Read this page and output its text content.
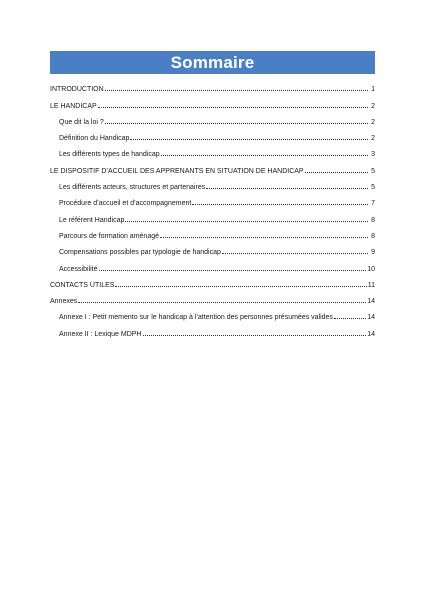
Sommaire
INTRODUCTION	1
LE HANDICAP	2
Que dit la loi ?	2
Définition du Handicap	2
Les différents types de handicap	3
LE DISPOSITIF D’ACCUEIL DES APPRENANTS EN SITUATION DE HANDICAP	5
Les différents acteurs, structures et partenaires	5
Procédure d’accueil et d’accompagnement	7
Le référent Handicap	8
Parcours de formation aménagé	8
Compensations possibles par typologie de handicap	9
Accessibilité	10
CONTACTS UTILES	11
Annexes	14
Annexe I : Petit memento sur le handicap à l’attention des personnes présumées valides	14
Annexe II : Lexique MDPH	14
